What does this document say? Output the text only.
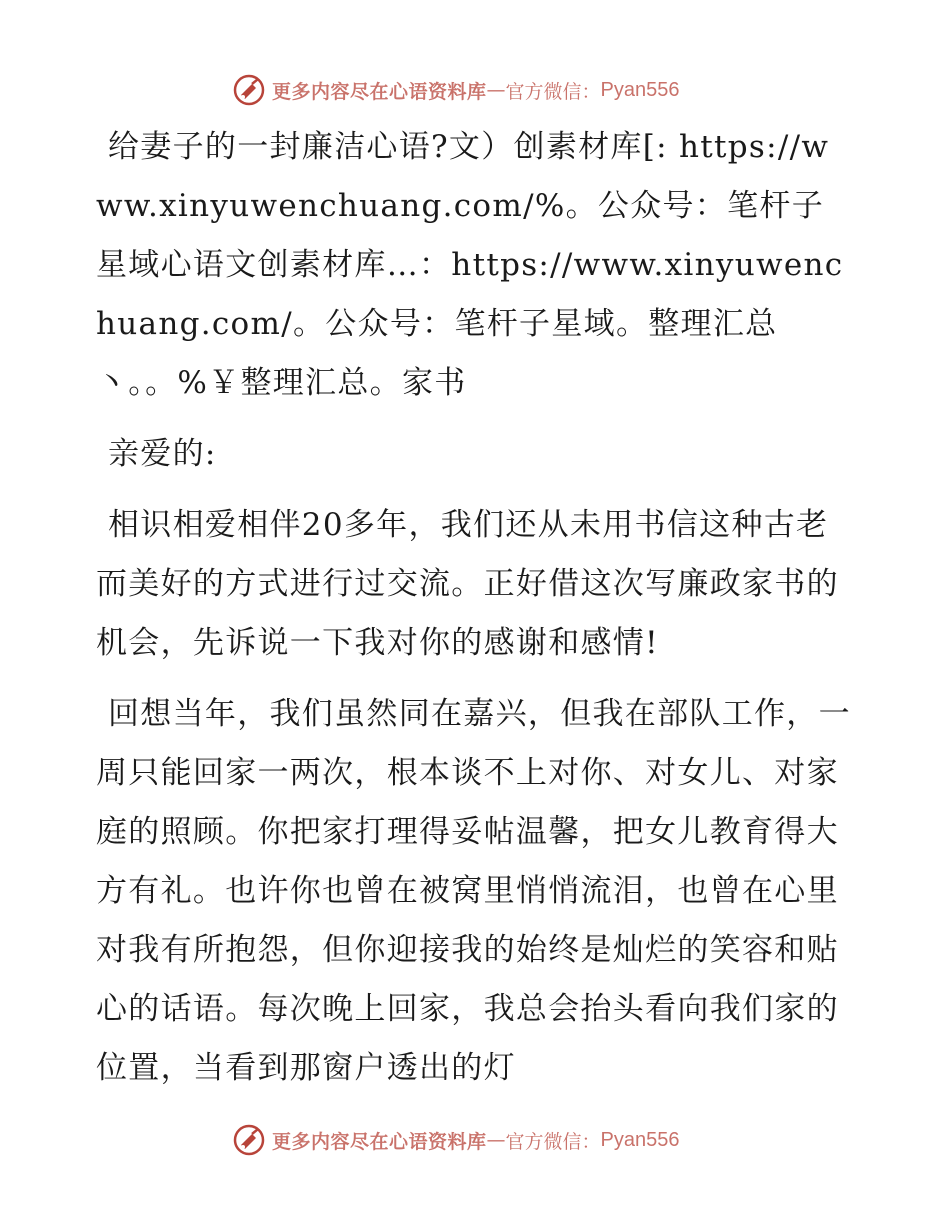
更多内容尽在心语资料库 — 官方微信： Pyan556

给妻子的一封廉洁心语?文）创素材库[: https://www.xinyuwenchuang.com/%。公众号：笔杆子星域心语文创素材库…：https://www.xinyuwenchuang.com/。公众号：笔杆子星域。整理汇总丶。。%￥整理汇总。家书

亲爱的:

相识相爱相伴20多年，我们还从未用书信这种古老而美好的方式进行过交流。正好借这次写廉政家书的机会，先诉说一下我对你的感谢和感情!

回想当年，我们虽然同在嘉兴，但我在部队工作，一周只能回家一两次，根本谈不上对你、对女儿、对家庭的照顾。你把家打理得妥帖温馨，把女儿教育得大方有礼。也许你也曾在被窝里悄悄流泪，也曾在心里对我有所抱怨，但你迎接我的始终是灿烂的笑容和贴心的话语。每次晚上回家，我总会抬头看向我们家的位置，当看到那窗户透出的灯

更多内容尽在心语资料库 — 官方微信： Pyan556
